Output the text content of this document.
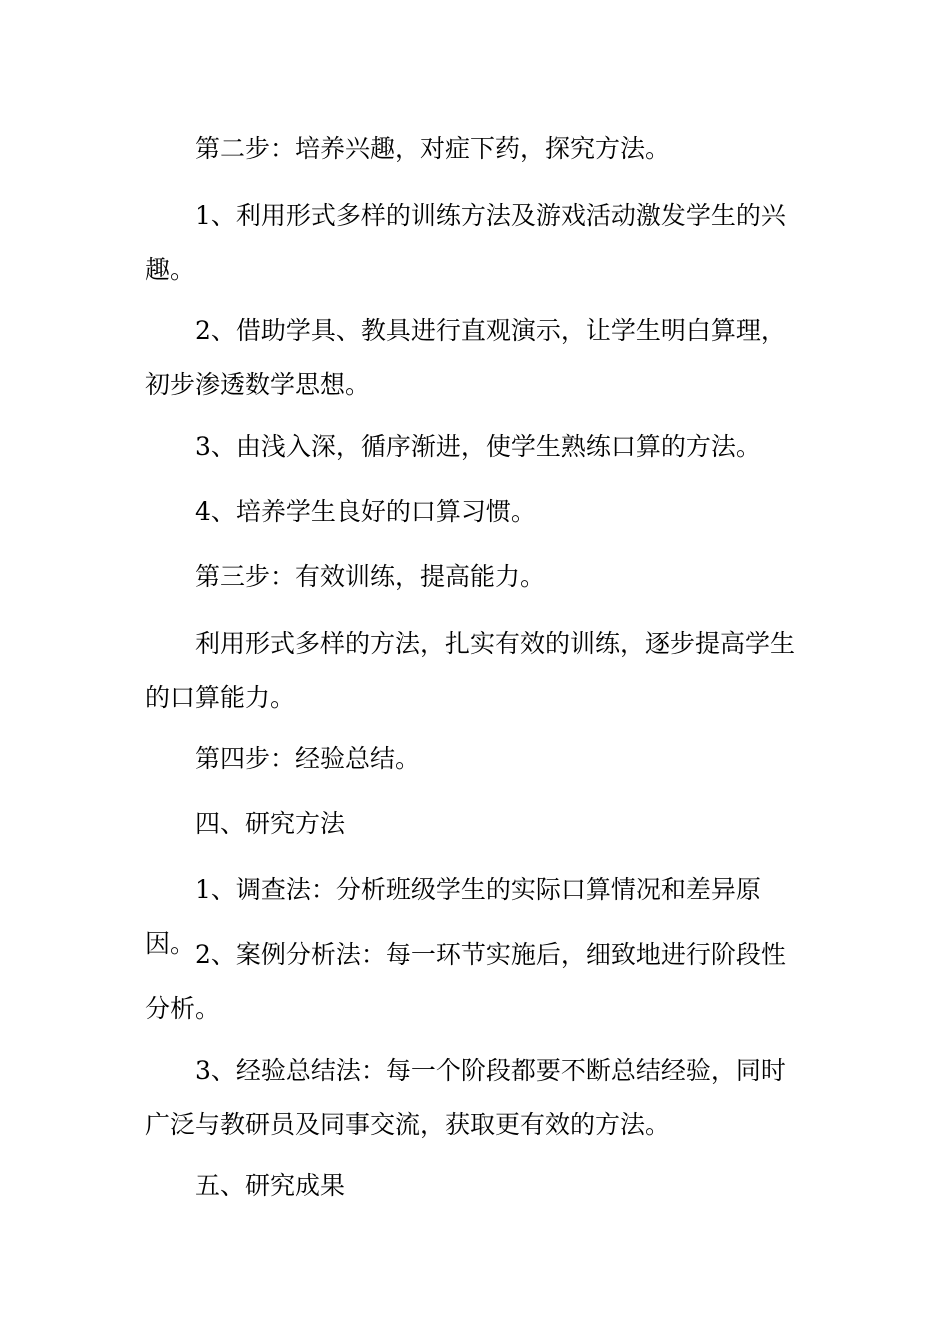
第二步：培养兴趣，对症下药，探究方法。

1、利用形式多样的训练方法及游戏活动激发学生的兴趣。

2、借助学具、教具进行直观演示，让学生明白算理，初步渗透数学思想。

3、由浅入深，循序渐进，使学生熟练口算的方法。

4、培养学生良好的口算习惯。

第三步：有效训练，提高能力。

利用形式多样的方法，扎实有效的训练，逐步提高学生的口算能力。

第四步：经验总结。

四、研究方法

1、调查法：分析班级学生的实际口算情况和差异原因。 2、案例分析法：每一环节实施后，细致地进行阶段性分析。

3、经验总结法：每一个阶段都要不断总结经验，同时广泛与教研员及同事交流，获取更有效的方法。

五、研究成果
